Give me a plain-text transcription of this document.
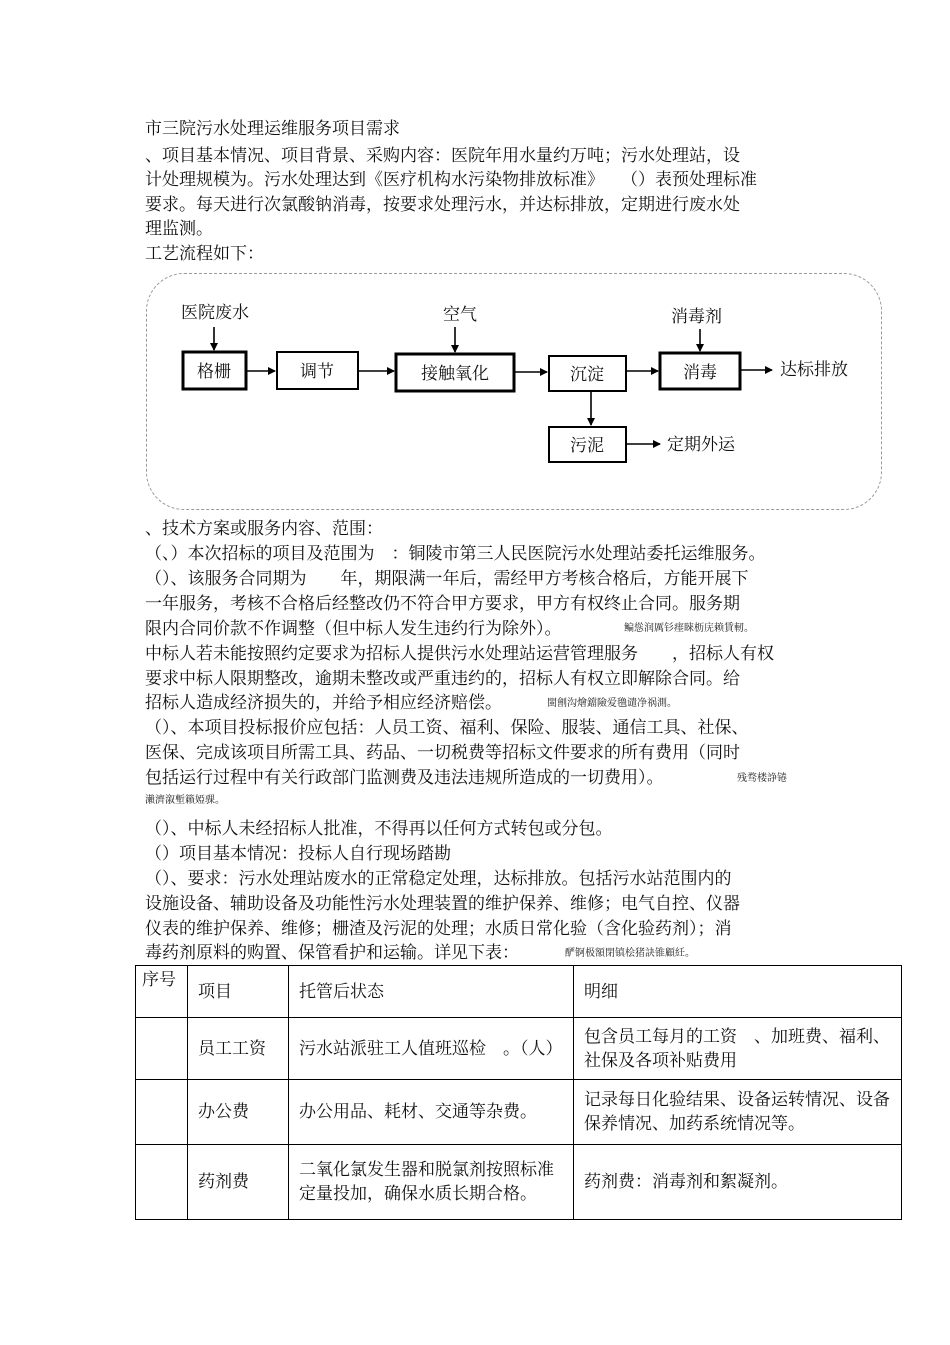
市三院污水处理运维服务项目需求
、项目基本情况、项目背景、采购内容：医院年用水量约万吨；污水处理站，设
计处理规模为。污水处理达到《医疗机构水污染物排放标准》　　（）表预处理标准
要求。每天进行次氯酸钠消毒，按要求处理污水，并达标排放，定期进行废水处
理监测。
工艺流程如下：
医院废水	空气	消毒剂
达标排放
定期外运
格栅	调节	接触氧化	沉淀	消毒
污泥
、技术方案或服务内容、范围：
（、）本次招标的项目及范围为　：铜陵市第三人民医院污水处理站委托运维服务。
（）、该服务合同期为　　年，期限满一年后，需经甲方考核合格后，方能开展下
一年服务，考核不合格后经整改仍不符合甲方要求，甲方有权终止合同。服务期
限内合同价款不作调整（但中标人发生违约行为除外）。	鳊慫润厲钐瘗睞枥庑赖賃軔。
中标人若未能按照约定要求为招标人提供污水处理站运营管理服务　　，招标人有权
要求中标人限期整改，逾期未整改或严重违约的，招标人有权立即解除合同。给
招标人造成经济损失的，并给予相应经济赔偿。	閩劊沟燴鐺險爱氇谴净祸測。
（）、本项目投标报价应包括：人员工资、福利、保险、服装、通信工具、社保、
医保、完成该项目所需工具、药品、一切税费等招标文件要求的所有费用（同时
包括运行过程中有关行政部门监测费及违法违规所造成的一切费用）。	残骛楼諍锩
瀨濟溆塹籟婭骒。
（）、中标人未经招标人批准，不得再以任何方式转包或分包。
（）项目基本情况：投标人自行现场踏勘
（）、要求：污水处理站废水的正常稳定处理，达标排放。包括污水站范围内的
设施设备、辅助设备及功能性污水处理装置的维护保养、维修；电气自控、仪器
仪表的维护保养、维修；栅渣及污泥的处理；水质日常化验（含化验药剂）；消
毒药剂原料的购置、保管看护和运输。详见下表：	酽锕极額閉镇桧猪訣锥顧紝。
序号	项目	托管后状态	明细
	员工工资	污水站派驻工人值班巡检　。（人）	包含员工每月的工资　、加班费、福利、社保及各项补贴费用
	办公费	办公用品、耗材、交通等杂费。	记录每日化验结果、设备运转情况、设备保养情况、加药系统情况等。
	药剂费	二氧化氯发生器和脱氯剂按照标准定量投加，确保水质长期合格。	药剂费：消毒剂和絮凝剂。
